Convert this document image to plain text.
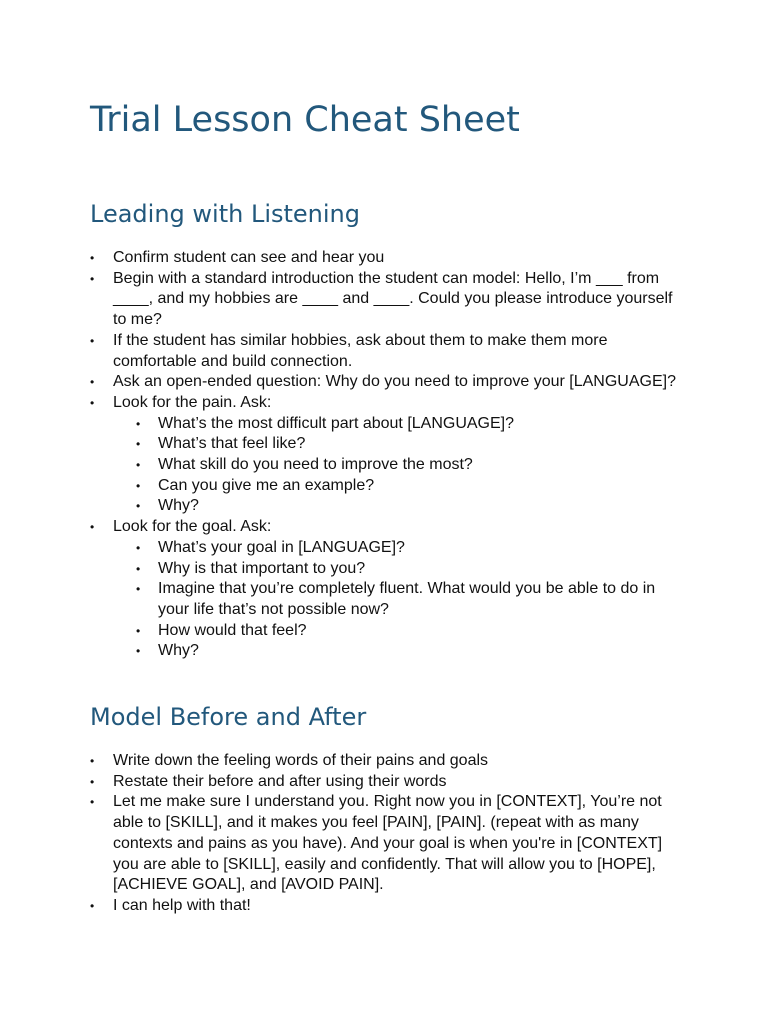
Trial Lesson Cheat Sheet
Leading with Listening
• Confirm student can see and hear you
• Begin with a standard introduction the student can model: Hello, I’m ___ from ____, and my hobbies are ____ and ____. Could you please introduce yourself to me?
• If the student has similar hobbies, ask about them to make them more comfortable and build connection.
• Ask an open-ended question: Why do you need to improve your [LANGUAGE]?
• Look for the pain. Ask:
• What’s the most difficult part about [LANGUAGE]?
• What’s that feel like?
• What skill do you need to improve the most?
• Can you give me an example?
• Why?
• Look for the goal. Ask:
• What’s your goal in [LANGUAGE]?
• Why is that important to you?
• Imagine that you’re completely fluent. What would you be able to do in your life that’s not possible now?
• How would that feel?
• Why?
Model Before and After
• Write down the feeling words of their pains and goals
• Restate their before and after using their words
• Let me make sure I understand you. Right now you in [CONTEXT], You’re not able to [SKILL], and it makes you feel [PAIN], [PAIN]. (repeat with as many contexts and pains as you have). And your goal is when you're in [CONTEXT] you are able to [SKILL], easily and confidently. That will allow you to [HOPE], [ACHIEVE GOAL], and [AVOID PAIN].
• I can help with that!
